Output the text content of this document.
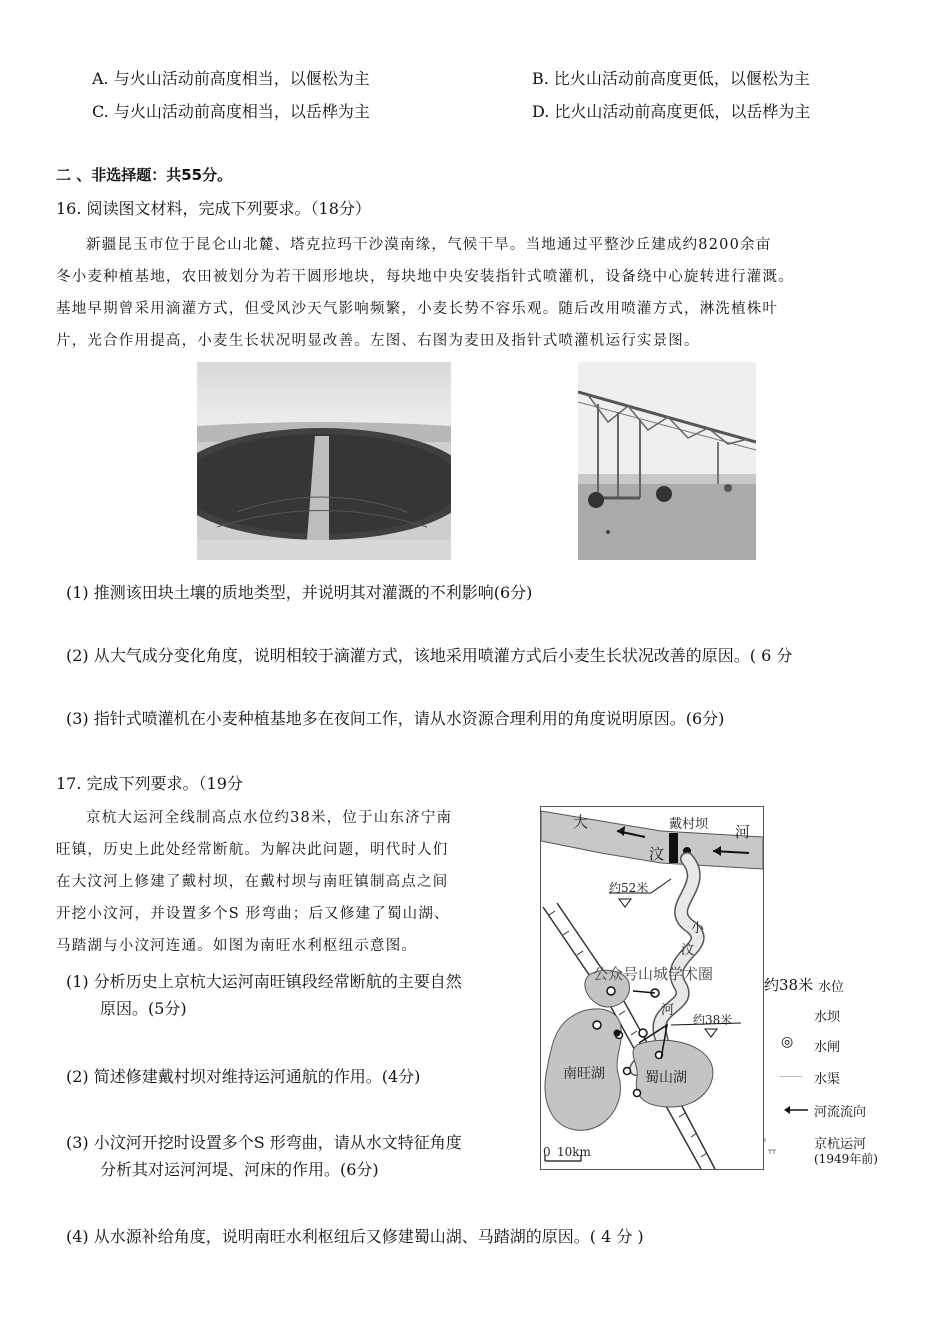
A. 与火山活动前高度相当，以偃松为主	B. 比火山活动前高度更低，以偃松为主
C. 与火山活动前高度相当，以岳桦为主	D. 比火山活动前高度更低，以岳桦为主
二 、非选择题：共55分。
16. 阅读图文材料，完成下列要求。（18分）
新疆昆玉市位于昆仑山北麓、塔克拉玛干沙漠南缘，气候干旱。当地通过平整沙丘建成约8200余亩
冬小麦种植基地，农田被划分为若干圆形地块，每块地中央安装指针式喷灌机，设备绕中心旋转进行灌溉。
基地早期曾采用滴灌方式，但受风沙天气影响频繁，小麦长势不容乐观。随后改用喷灌方式，淋洗植株叶
片，光合作用提高，小麦生长状况明显改善。左图、右图为麦田及指针式喷灌机运行实景图。
(1) 推测该田块土壤的质地类型，并说明其对灌溉的不利影响(6分)
(2) 从大气成分变化角度，说明相较于滴灌方式，该地采用喷灌方式后小麦生长状况改善的原因。( 6 分
(3) 指针式喷灌机在小麦种植基地多在夜间工作，请从水资源合理利用的角度说明原因。(6分)
17. 完成下列要求。（19分
京杭大运河全线制高点水位约38米，位于山东济宁南
旺镇，历史上此处经常断航。为解决此问题，明代时人们
在大汶河上修建了戴村坝，在戴村坝与南旺镇制高点之间
开挖小汶河，并设置多个S 形弯曲；后又修建了蜀山湖、
马踏湖与小汶河连通。如图为南旺水利枢纽示意图。
(1) 分析历史上京杭大运河南旺镇段经常断航的主要自然
原因。(5分)
(2) 简述修建戴村坝对维持运河通航的作用。(4分)
(3) 小汶河开挖时设置多个S 形弯曲，请从水文特征角度
分析其对运河河堤、河床的作用。(6分)
(4) 从水源补给角度，说明南旺水利枢纽后又修建蜀山湖、马踏湖的原因。( 4 分 )
大
汶
河
戴村坝
约52米
小
汶
河
公众号山城学术圈
约38米
南旺湖	蜀山湖
0 10km
约38米 水位
水坝
◎ 水闸
水渠
河流流向
京杭运河
(1949年前)
